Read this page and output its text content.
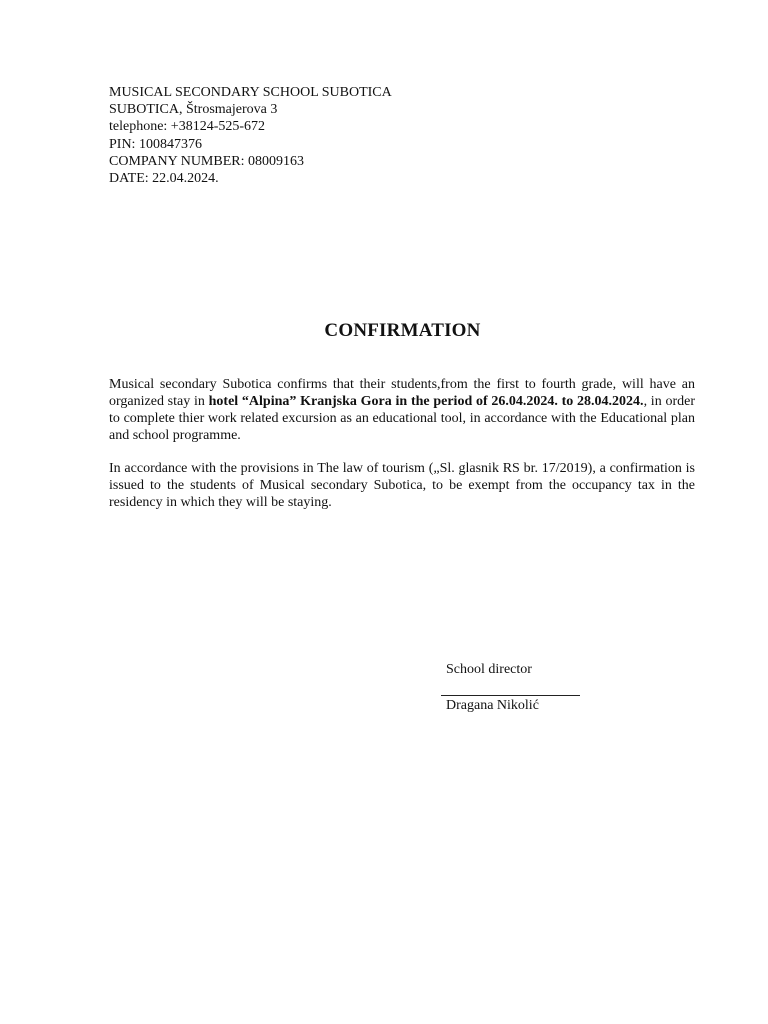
MUSICAL SECONDARY SCHOOL SUBOTICA
SUBOTICA, Štrosmajerova 3
telephone: +38124-525-672
PIN: 100847376
COMPANY NUMBER: 08009163
DATE: 22.04.2024.
CONFIRMATION

Musical secondary Subotica confirms that their students,from the first to fourth grade, will have an organized stay in hotel “Alpina” Kranjska Gora in the period of 26.04.2024. to 28.04.2024., in order to complete thier work related excursion as an educational tool, in accordance with the Educational plan and school programme.

In accordance with the provisions in The law of tourism („Sl. glasnik RS br. 17/2019), a confirmation is issued to the students of Musical secondary Subotica, to be exempt from the occupancy tax in the residency in which they will be staying.

School director
Dragana Nikolić
